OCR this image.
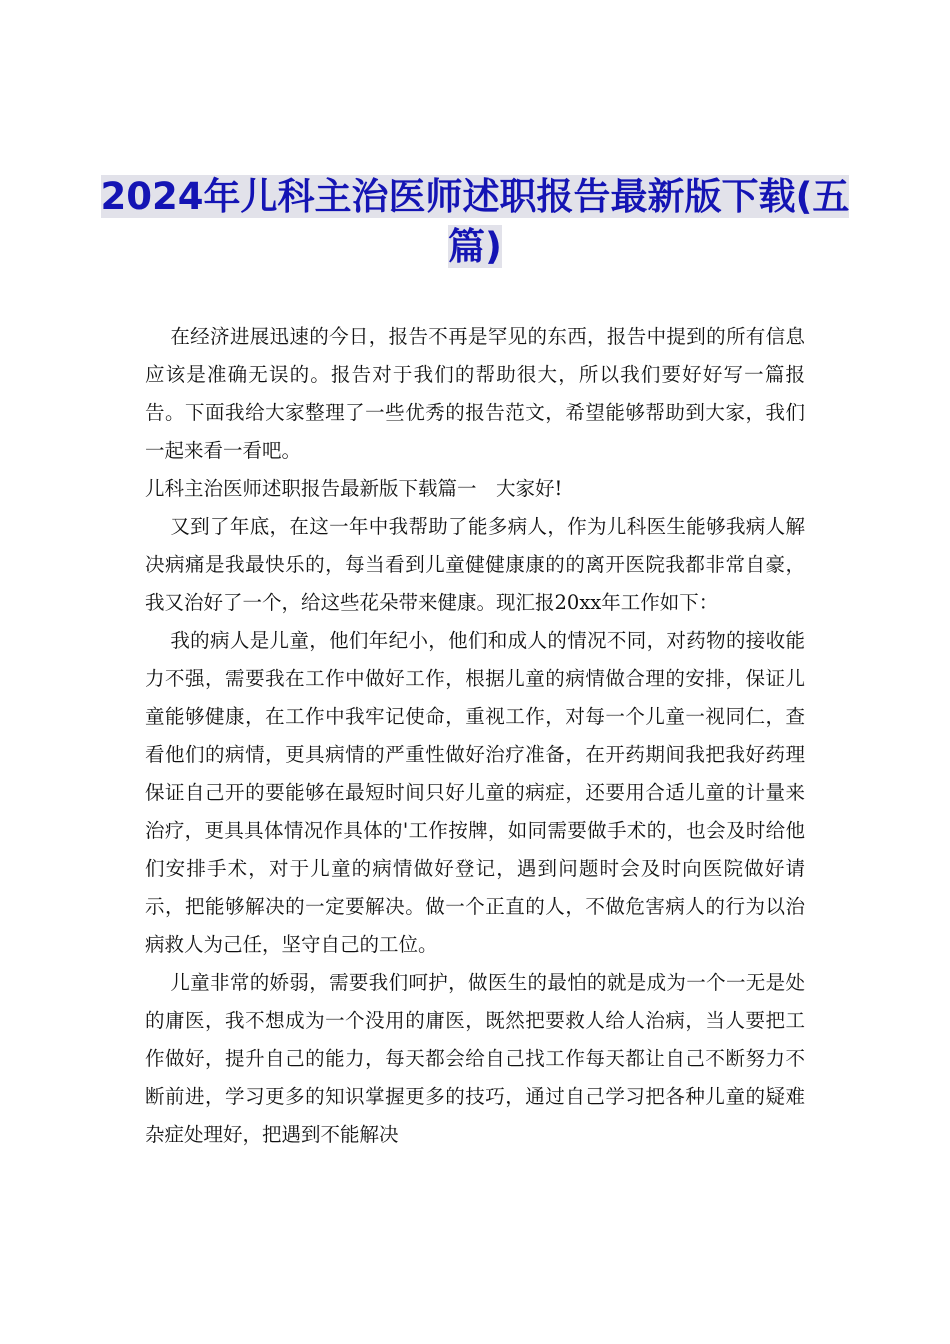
2024年儿科主治医师述职报告最新版下载(五篇)

在经济进展迅速的今日，报告不再是罕见的东西，报告中提到的所有信息应该是准确无误的。报告对于我们的帮助很大，所以我们要好好写一篇报告。下面我给大家整理了一些优秀的报告范文，希望能够帮助到大家，我们一起来看一看吧。

儿科主治医师述职报告最新版下载篇一　大家好!

又到了年底，在这一年中我帮助了能多病人，作为儿科医生能够我病人解决病痛是我最快乐的，每当看到儿童健健康康的的离开医院我都非常自豪，我又治好了一个，给这些花朵带来健康。现汇报20xx年工作如下：

我的病人是儿童，他们年纪小，他们和成人的情况不同，对药物的接收能力不强，需要我在工作中做好工作，根据儿童的病情做合理的安排，保证儿童能够健康，在工作中我牢记使命，重视工作，对每一个儿童一视同仁，查看他们的病情，更具病情的严重性做好治疗准备，在开药期间我把我好药理保证自己开的要能够在最短时间只好儿童的病症，还要用合适儿童的计量来治疗，更具具体情况作具体的'工作按牌，如同需要做手术的，也会及时给他们安排手术，对于儿童的病情做好登记，遇到问题时会及时向医院做好请示，把能够解决的一定要解决。做一个正直的人，不做危害病人的行为以治病救人为己任，坚守自己的工位。

儿童非常的娇弱，需要我们呵护，做医生的最怕的就是成为一个一无是处的庸医，我不想成为一个没用的庸医，既然把要救人给人治病，当人要把工作做好，提升自己的能力，每天都会给自己找工作每天都让自己不断努力不断前进，学习更多的知识掌握更多的技巧，通过自己学习把各种儿童的疑难杂症处理好，把遇到不能解决
